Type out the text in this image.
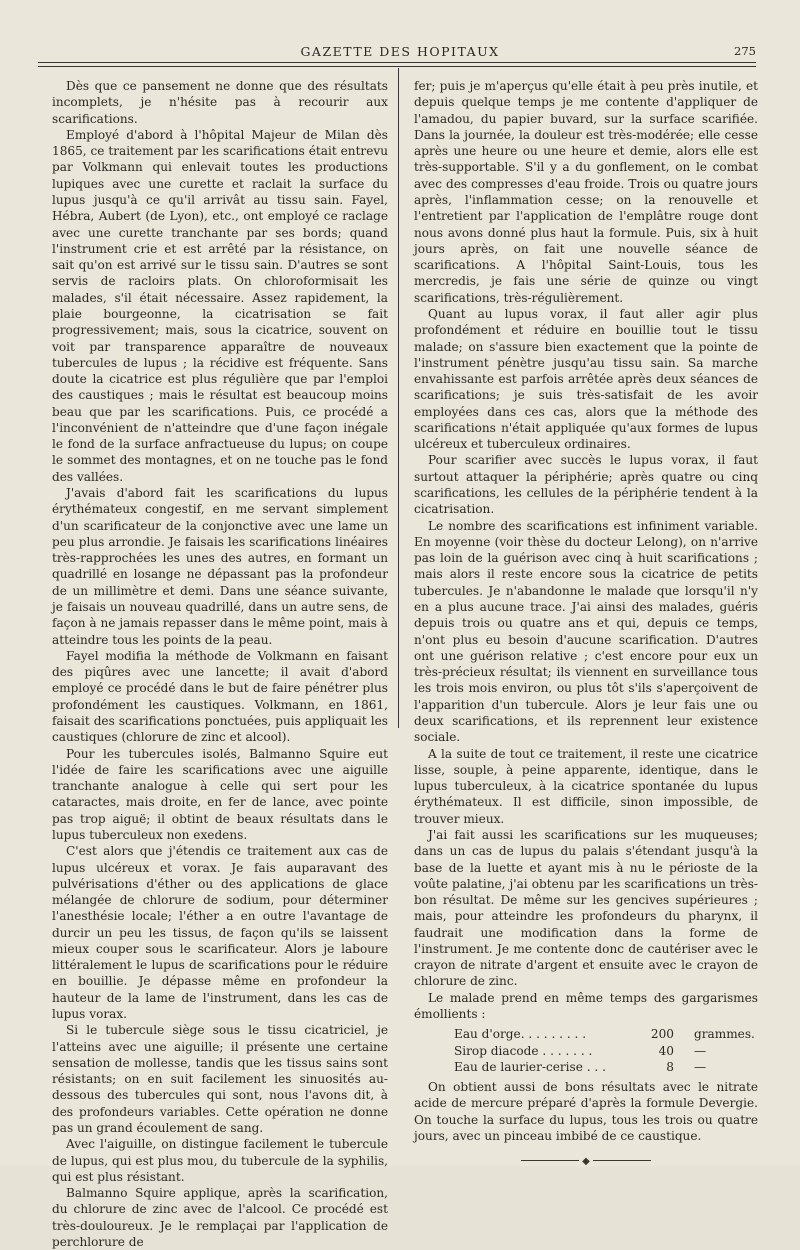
GAZETTE DES HOPITAUX	275

Dès que ce pansement ne donne que des résultats incomplets, je n'hésite pas à recourir aux scarifications.

Employé d'abord à l'hôpital Majeur de Milan dès 1865, ce traitement par les scarifications était entrevu par Volkmann qui enlevait toutes les productions lupiques avec une curette et raclait la surface du lupus jusqu'à ce qu'il arrivât au tissu sain. Fayel, Hébra, Aubert (de Lyon), etc., ont employé ce raclage avec une curette tranchante par ses bords; quand l'instrument crie et est arrêté par la résistance, on sait qu'on est arrivé sur le tissu sain. D'autres se sont servis de racloirs plats. On chloroformisait les malades, s'il était nécessaire. Assez rapidement, la plaie bourgeonne, la cicatrisation se fait progressivement; mais, sous la cicatrice, souvent on voit par transparence apparaître de nouveaux tubercules de lupus ; la récidive est fréquente. Sans doute la cicatrice est plus régulière que par l'emploi des caustiques ; mais le résultat est beaucoup moins beau que par les scarifications. Puis, ce procédé a l'inconvénient de n'atteindre que d'une façon inégale le fond de la surface anfractueuse du lupus; on coupe le sommet des montagnes, et on ne touche pas le fond des vallées.

J'avais d'abord fait les scarifications du lupus érythémateux congestif, en me servant simplement d'un scarificateur de la conjonctive avec une lame un peu plus arrondie. Je faisais les scarifications linéaires très-rapprochées les unes des autres, en formant un quadrillé en losange ne dépassant pas la profondeur de un millimètre et demi. Dans une séance suivante, je faisais un nouveau quadrillé, dans un autre sens, de façon à ne jamais repasser dans le même point, mais à atteindre tous les points de la peau.

Fayel modifia la méthode de Volkmann en faisant des piqûres avec une lancette; il avait d'abord employé ce procédé dans le but de faire pénétrer plus profondément les caustiques. Volkmann, en 1861, faisait des scarifications ponctuées, puis appliquait les caustiques (chlorure de zinc et alcool).

Pour les tubercules isolés, Balmanno Squire eut l'idée de faire les scarifications avec une aiguille tranchante analogue à celle qui sert pour les cataractes, mais droite, en fer de lance, avec pointe pas trop aiguë; il obtint de beaux résultats dans le lupus tuberculeux non exedens.

C'est alors que j'étendis ce traitement aux cas de lupus ulcéreux et vorax. Je fais auparavant des pulvérisations d'éther ou des applications de glace mélangée de chlorure de sodium, pour déterminer l'anesthésie locale; l'éther a en outre l'avantage de durcir un peu les tissus, de façon qu'ils se laissent mieux couper sous le scarificateur. Alors je laboure littéralement le lupus de scarifications pour le réduire en bouillie. Je dépasse même en profondeur la hauteur de la lame de l'instrument, dans les cas de lupus vorax.

Si le tubercule siège sous le tissu cicatriciel, je l'atteins avec une aiguille; il présente une certaine sensation de mollesse, tandis que les tissus sains sont résistants; on en suit facilement les sinuosités au-dessous des tubercules qui sont, nous l'avons dit, à des profondeurs variables. Cette opération ne donne pas un grand écoulement de sang.

Avec l'aiguille, on distingue facilement le tubercule de lupus, qui est plus mou, du tubercule de la syphilis, qui est plus résistant.

Balmanno Squire applique, après la scarification, du chlorure de zinc avec de l'alcool. Ce procédé est très-douloureux. Je le remplaçai par l'application de perchlorure de

fer; puis je m'aperçus qu'elle était à peu près inutile, et depuis quelque temps je me contente d'appliquer de l'amadou, du papier buvard, sur la surface scarifiée. Dans la journée, la douleur est très-modérée; elle cesse après une heure ou une heure et demie, alors elle est très-supportable. S'il y a du gonflement, on le combat avec des compresses d'eau froide. Trois ou quatre jours après, l'inflammation cesse; on la renouvelle et l'entretient par l'application de l'emplâtre rouge dont nous avons donné plus haut la formule. Puis, six à huit jours après, on fait une nouvelle séance de scarifications. A l'hôpital Saint-Louis, tous les mercredis, je fais une série de quinze ou vingt scarifications, très-régulièrement.

Quant au lupus vorax, il faut aller agir plus profondément et réduire en bouillie tout le tissu malade; on s'assure bien exactement que la pointe de l'instrument pénètre jusqu'au tissu sain. Sa marche envahissante est parfois arrêtée après deux séances de scarifications; je suis très-satisfait de les avoir employées dans ces cas, alors que la méthode des scarifications n'était appliquée qu'aux formes de lupus ulcéreux et tuberculeux ordinaires.

Pour scarifier avec succès le lupus vorax, il faut surtout attaquer la périphérie; après quatre ou cinq scarifications, les cellules de la périphérie tendent à la cicatrisation.

Le nombre des scarifications est infiniment variable. En moyenne (voir thèse du docteur Lelong), on n'arrive pas loin de la guérison avec cinq à huit scarifications ; mais alors il reste encore sous la cicatrice de petits tubercules. Je n'abandonne le malade que lorsqu'il n'y en a plus aucune trace. J'ai ainsi des malades, guéris depuis trois ou quatre ans et qui, depuis ce temps, n'ont plus eu besoin d'aucune scarification. D'autres ont une guérison relative ; c'est encore pour eux un très-précieux résultat; ils viennent en surveillance tous les trois mois environ, ou plus tôt s'ils s'aperçoivent de l'apparition d'un tubercule. Alors je leur fais une ou deux scarifications, et ils reprennent leur existence sociale.

A la suite de tout ce traitement, il reste une cicatrice lisse, souple, à peine apparente, identique, dans le lupus tuberculeux, à la cicatrice spontanée du lupus érythémateux. Il est difficile, sinon impossible, de trouver mieux.

J'ai fait aussi les scarifications sur les muqueuses; dans un cas de lupus du palais s'étendant jusqu'à la base de la luette et ayant mis à nu le périoste de la voûte palatine, j'ai obtenu par les scarifications un très-bon résultat. De même sur les gencives supérieures ; mais, pour atteindre les profondeurs du pharynx, il faudrait une modification dans la forme de l'instrument. Je me contente donc de cautériser avec le crayon de nitrate d'argent et ensuite avec le crayon de chlorure de zinc.

Le malade prend en même temps des gargarismes émollients :

Eau d'orge. . . . . . . . .	200	grammes.
Sirop diacode . . . . . . .	40	—
Eau de laurier-cerise . . .	8	—

On obtient aussi de bons résultats avec le nitrate acide de mercure préparé d'après la formule Devergie. On touche la surface du lupus, tous les trois ou quatre jours, avec un pinceau imbibé de ce caustique.

◆
